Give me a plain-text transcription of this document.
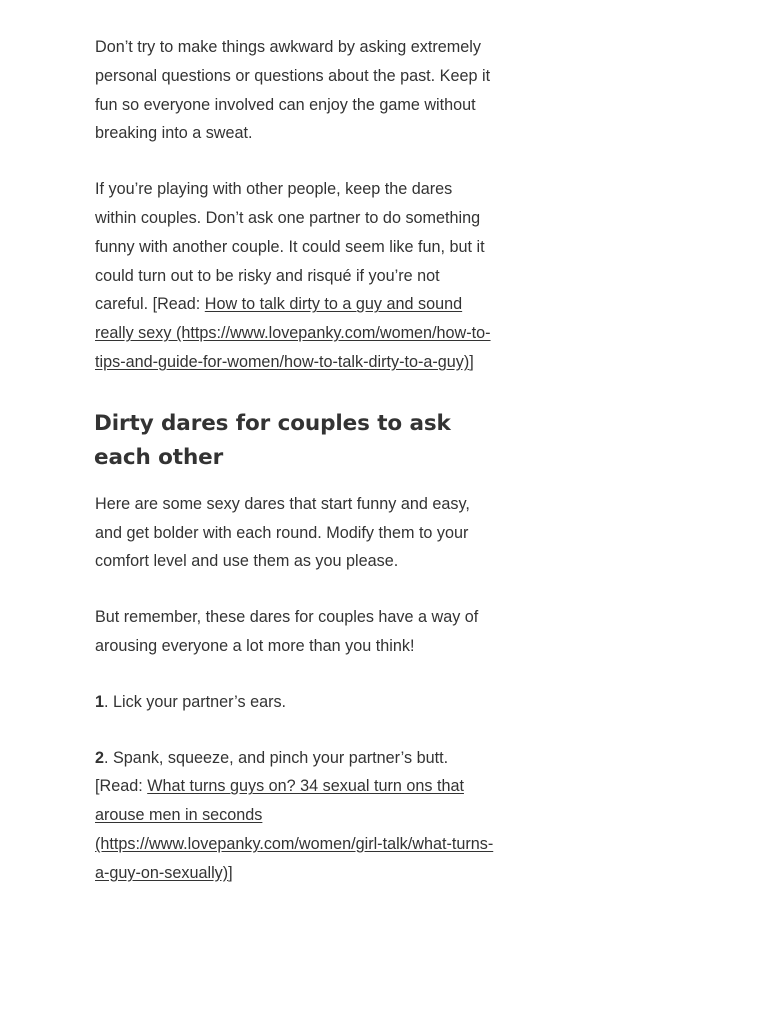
Don’t try to make things awkward by asking extremely personal questions or questions about the past. Keep it fun so everyone involved can enjoy the game without breaking into a sweat.

If you’re playing with other people, keep the dares within couples. Don’t ask one partner to do something funny with another couple. It could seem like fun, but it could turn out to be risky and risqué if you’re not careful. [Read: How to talk dirty to a guy and sound really sexy (https://www.lovepanky.com/women/how-to-tips-and-guide-for-women/how-to-talk-dirty-to-a-guy)]

Dirty dares for couples to ask each other

Here are some sexy dares that start funny and easy, and get bolder with each round. Modify them to your comfort level and use them as you please.

But remember, these dares for couples have a way of arousing everyone a lot more than you think!

1. Lick your partner’s ears.

2. Spank, squeeze, and pinch your partner’s butt. [Read: What turns guys on? 34 sexual turn ons that arouse men in seconds (https://www.lovepanky.com/women/girl-talk/what-turns-a-guy-on-sexually)]
